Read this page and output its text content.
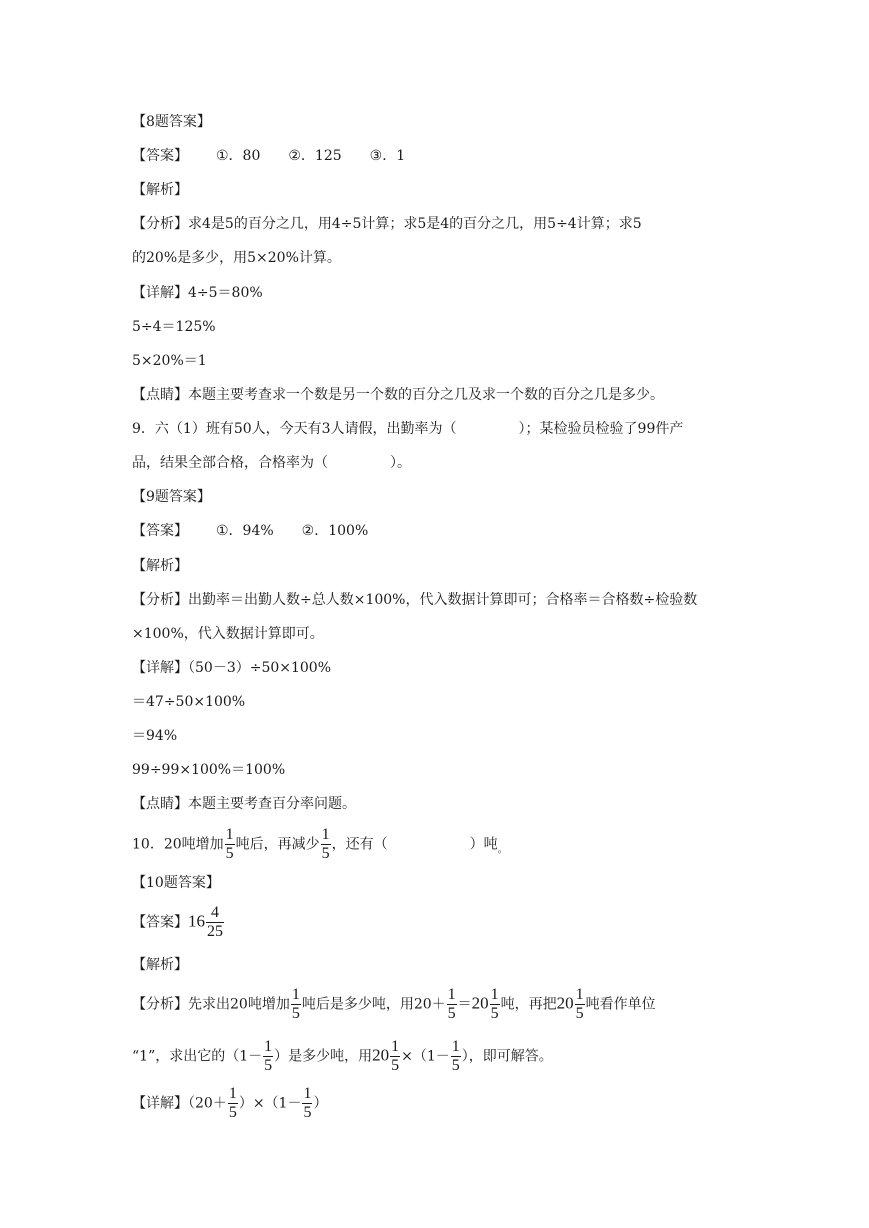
【8题答案】
【答案】 ①．80 ②．125 ③．1
【解析】
【分析】求4是5的百分之几，用4÷5计算；求5是4的百分之几，用5÷4计算；求5
的20%是多少，用5×20%计算。
【详解】4÷5＝80%
5÷4＝125%
5×20%＝1
【点睛】本题主要考查求一个数是另一个数的百分之几及求一个数的百分之几是多少。
9．六（1）班有50人，今天有3人请假，出勤率为（	）；某检验员检验了99件产
品，结果全部合格，合格率为（	）。
【9题答案】
【答案】 ①．94% ②．100%
【解析】
【分析】出勤率＝出勤人数÷总人数×100%，代入数据计算即可；合格率＝合格数÷检验数
×100%，代入数据计算即可。
【详解】（50－3）÷50×100%
＝47÷50×100%
＝94%
99÷99×100%＝100%
【点睛】本题主要考查百分率问题。
10．20吨增加 $\frac{1}{5}$ 吨后，再减少 $\frac{1}{5}$ ，还有（	）吨$_。$
【10题答案】
【答案】$16 \frac{4}{25}$
【解析】
【分析】先求出20吨增加 $\frac{1}{5}$ 吨后是多少吨，用$20+ \frac{1}{5} =20 \frac{1}{5}$ 吨，再把$20 \frac{1}{5}$ 吨看作单位
“1”，求出它的（$1- \frac{1}{5}$ ）是多少吨，用$20 \frac{1}{5} \times(1- \frac{1}{5}$ ），即可解答。
【详解】$(20+ \frac{1}{5} )\times(1- \frac{1}{5}$ ）
